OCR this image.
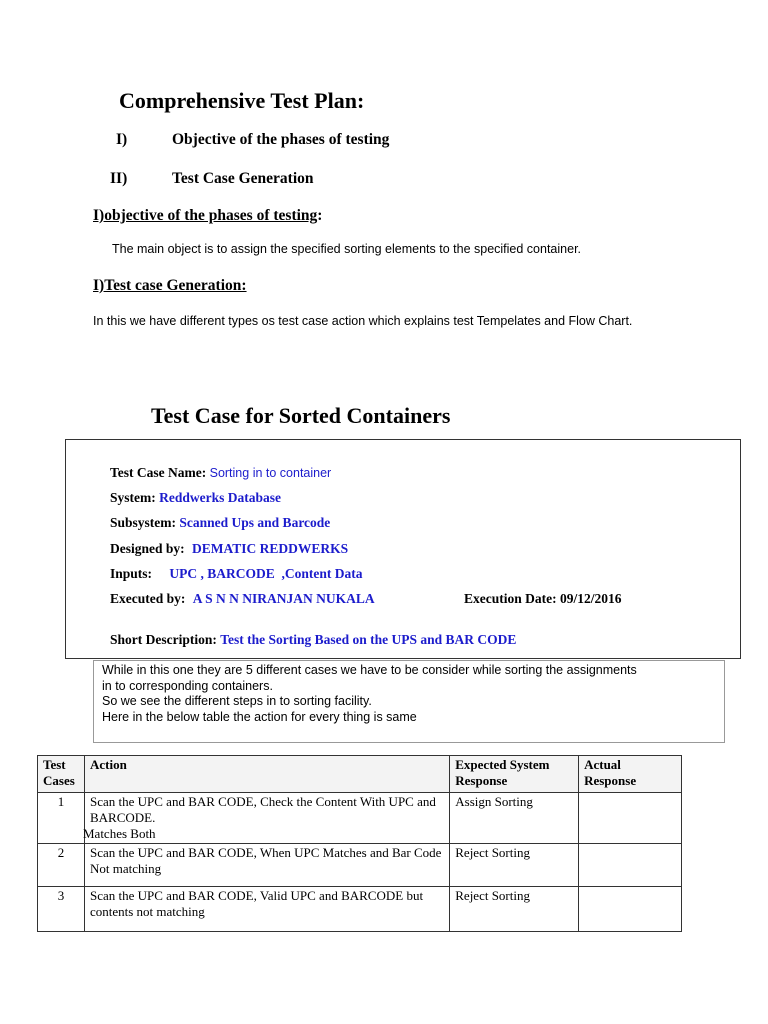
Comprehensive Test Plan:
I)	Objective of the phases of testing
II)	Test Case Generation
I)objective of the phases of testing:
The main object is to assign the specified sorting elements to the specified container.
I)Test case Generation:
In this we have different types os test case action which explains test Tempelates and Flow Chart.
Test Case for Sorted Containers
Test Case Name: Sorting in to container
System: Reddwerks Database
Subsystem: Scanned Ups and Barcode
Designed by: DEMATIC REDDWERKS
Inputs: UPC , BARCODE  ,Content Data
Executed by: A S N N NIRANJAN NUKALA	Execution Date: 09/12/2016
Short Description: Test the Sorting Based on the UPS and BAR CODE
While in this one they are 5 different cases we have to be consider while sorting the assignments
in to corresponding containers.
So we see the different steps in to sorting facility.
Here in the below table the action for every thing is same
Test Cases	Action	Expected System Response	Actual Response
1	Scan the UPC and BAR CODE, Check the Content With UPC and BARCODE.
Matches Both	Assign Sorting	
2	Scan the UPC and BAR CODE, When UPC Matches and Bar Code Not matching	Reject Sorting	
3	Scan the UPC and BAR CODE, Valid UPC and BARCODE but contents not matching	Reject Sorting	
